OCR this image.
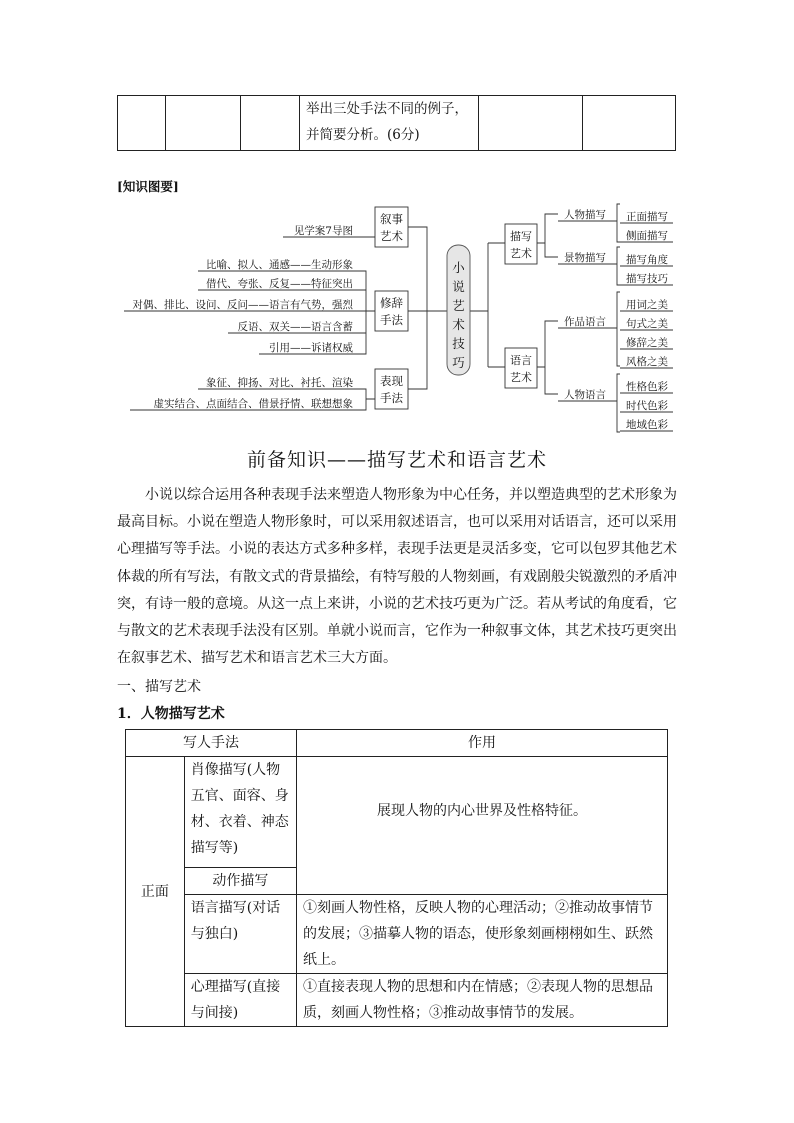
			举出三处手法不同的例子，并简要分析。(6分)		
[知识图要]
见学案7导图
比喻、拟人、通感——生动形象
借代、夸张、反复——特征突出
对偶、排比、设问、反问——语言有气势，强烈
反语、双关——语言含蓄
引用——诉诸权威
象征、抑扬、对比、衬托、渲染
虚实结合、点面结合、借景抒情、联想想象
叙事
艺术
修辞
手法
表现
手法
小
说
艺
术
技
巧
描写
艺术
语言
艺术
人物描写 正面描写
侧面描写
景物描写 描写角度
描写技巧
作品语言
用词之美
句式之美
修辞之美
风格之美
人物语言
性格色彩
时代色彩
地域色彩
前备知识——描写艺术和语言艺术
小说以综合运用各种表现手法来塑造人物形象为中心任务，并以塑造典型的艺术形象为最高目标。小说在塑造人物形象时，可以采用叙述语言，也可以采用对话语言，还可以采用心理描写等手法。小说的表达方式多种多样，表现手法更是灵活多变，它可以包罗其他艺术体裁的所有写法，有散文式的背景描绘，有特写般的人物刻画，有戏剧般尖锐激烈的矛盾冲突，有诗一般的意境。从这一点上来讲，小说的艺术技巧更为广泛。若从考试的角度看，它与散文的艺术表现手法没有区别。单就小说而言，它作为一种叙事文体，其艺术技巧更突出在叙事艺术、描写艺术和语言艺术三大方面。
一、描写艺术
1．人物描写艺术
写人手法		作用
正面	肖像描写(人物五官、面容、身材、衣着、神态描写等)	展现人物的内心世界及性格特征。
	动作描写	
	语言描写(对话与独白)	①刻画人物性格，反映人物的心理活动；②推动故事情节的发展；③描摹人物的语态，使形象刻画栩栩如生、跃然纸上。
	心理描写(直接与间接)	①直接表现人物的思想和内在情感；②表现人物的思想品质，刻画人物性格；③推动故事情节的发展。
